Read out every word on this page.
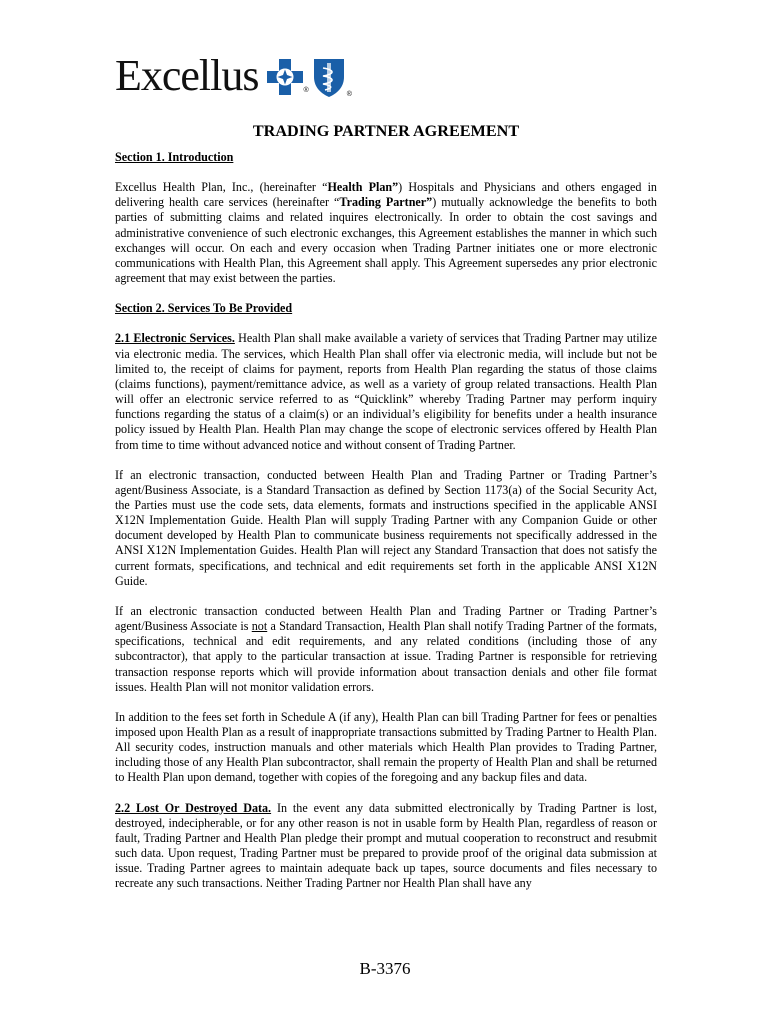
Excellus	®
®
TRADING PARTNER AGREEMENT
Section 1. Introduction

Excellus Health Plan, Inc., (hereinafter “Health Plan”) Hospitals and Physicians and others engaged in delivering health care services (hereinafter “Trading Partner”) mutually acknowledge the benefits to both parties of submitting claims and related inquires electronically. In order to obtain the cost savings and administrative convenience of such electronic exchanges, this Agreement establishes the manner in which such exchanges will occur. On each and every occasion when Trading Partner initiates one or more electronic communications with Health Plan, this Agreement shall apply. This Agreement supersedes any prior electronic agreement that may exist between the parties.

Section 2. Services To Be Provided

2.1 Electronic Services. Health Plan shall make available a variety of services that Trading Partner may utilize via electronic media. The services, which Health Plan shall offer via electronic media, will include but not be limited to, the receipt of claims for payment, reports from Health Plan regarding the status of those claims (claims functions), payment/remittance advice, as well as a variety of group related transactions. Health Plan will offer an electronic service referred to as “Quicklink” whereby Trading Partner may perform inquiry functions regarding the status of a claim(s) or an individual’s eligibility for benefits under a health insurance policy issued by Health Plan. Health Plan may change the scope of electronic services offered by Health Plan from time to time without advanced notice and without consent of Trading Partner.

If an electronic transaction, conducted between Health Plan and Trading Partner or Trading Partner’s agent/Business Associate, is a Standard Transaction as defined by Section 1173(a) of the Social Security Act, the Parties must use the code sets, data elements, formats and instructions specified in the applicable ANSI X12N Implementation Guide. Health Plan will supply Trading Partner with any Companion Guide or other document developed by Health Plan to communicate business requirements not specifically addressed in the ANSI X12N Implementation Guides. Health Plan will reject any Standard Transaction that does not satisfy the current formats, specifications, and technical and edit requirements set forth in the applicable ANSI X12N Guide.

If an electronic transaction conducted between Health Plan and Trading Partner or Trading Partner’s agent/Business Associate is not a Standard Transaction, Health Plan shall notify Trading Partner of the formats, specifications, technical and edit requirements, and any related conditions (including those of any subcontractor), that apply to the particular transaction at issue. Trading Partner is responsible for retrieving transaction response reports which will provide information about transaction denials and other file format issues. Health Plan will not monitor validation errors.

In addition to the fees set forth in Schedule A (if any), Health Plan can bill Trading Partner for fees or penalties imposed upon Health Plan as a result of inappropriate transactions submitted by Trading Partner to Health Plan. All security codes, instruction manuals and other materials which Health Plan provides to Trading Partner, including those of any Health Plan subcontractor, shall remain the property of Health Plan and shall be returned to Health Plan upon demand, together with copies of the foregoing and any backup files and data.

2.2 Lost Or Destroyed Data. In the event any data submitted electronically by Trading Partner is lost, destroyed, indecipherable, or for any other reason is not in usable form by Health Plan, regardless of reason or fault, Trading Partner and Health Plan pledge their prompt and mutual cooperation to reconstruct and resubmit such data. Upon request, Trading Partner must be prepared to provide proof of the original data submission at issue. Trading Partner agrees to maintain adequate back up tapes, source documents and files necessary to recreate any such transactions. Neither Trading Partner nor Health Plan shall have any

B-3376
